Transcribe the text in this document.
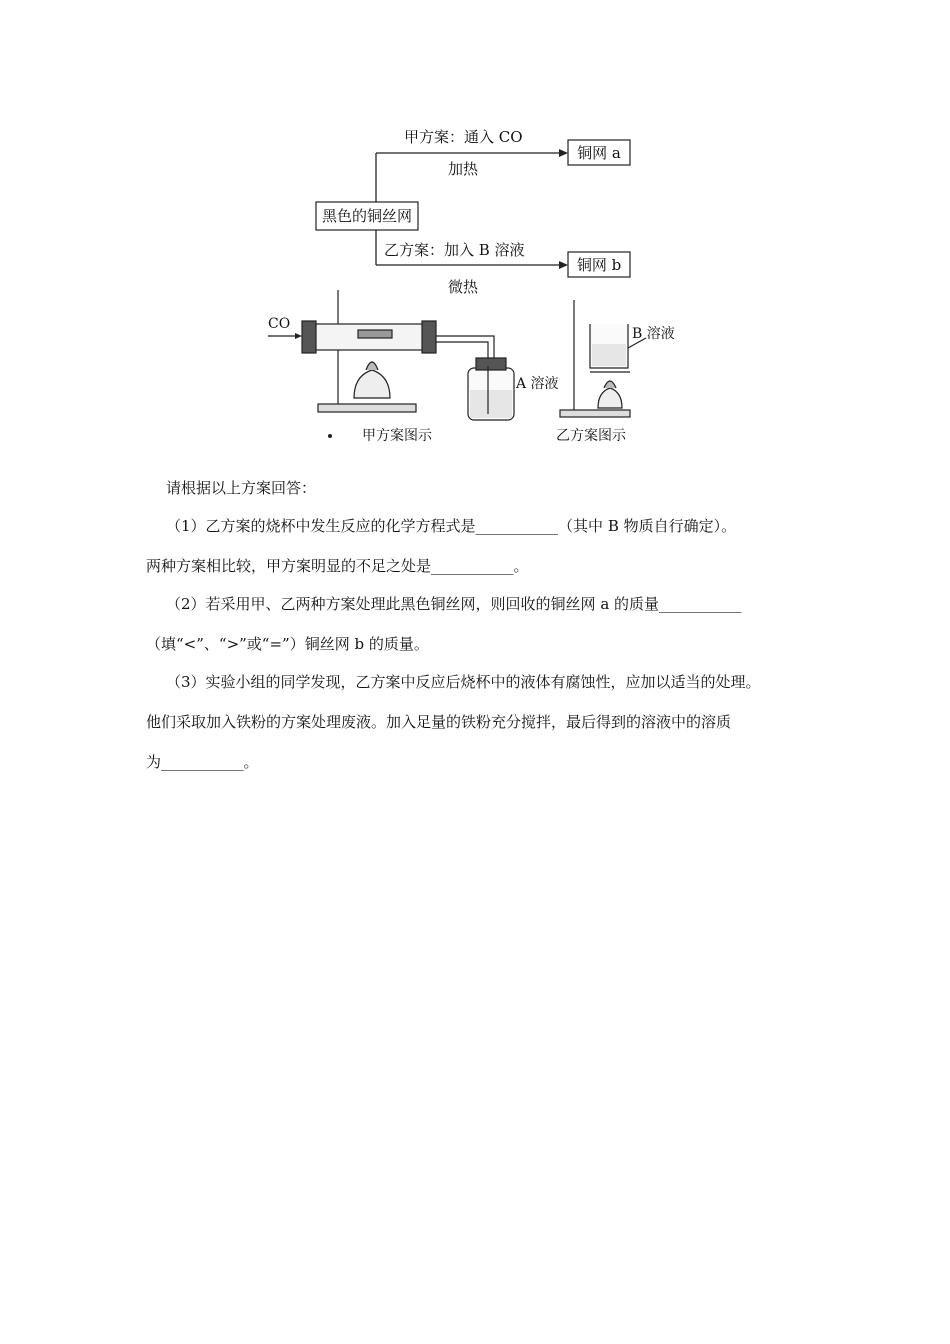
黑色的铜丝网
甲方案：通入 CO
加热
乙方案：加入 B 溶液
微热
铜网 a
铜网 b
CO
A 溶液
甲方案图示
B 溶液
乙方案图示
请根据以上方案回答：
（1）乙方案的烧杯中发生反应的化学方程式是___________（其中 B 物质自行确定）。
两种方案相比较，甲方案明显的不足之处是___________。
（2）若采用甲、乙两种方案处理此黑色铜丝网，则回收的铜丝网 a 的质量___________
（填“<”、“>”或“=”）铜丝网 b 的质量。
（3）实验小组的同学发现，乙方案中反应后烧杯中的液体有腐蚀性，应加以适当的处理。
他们采取加入铁粉的方案处理废液。加入足量的铁粉充分搅拌，最后得到的溶液中的溶质
为___________。
